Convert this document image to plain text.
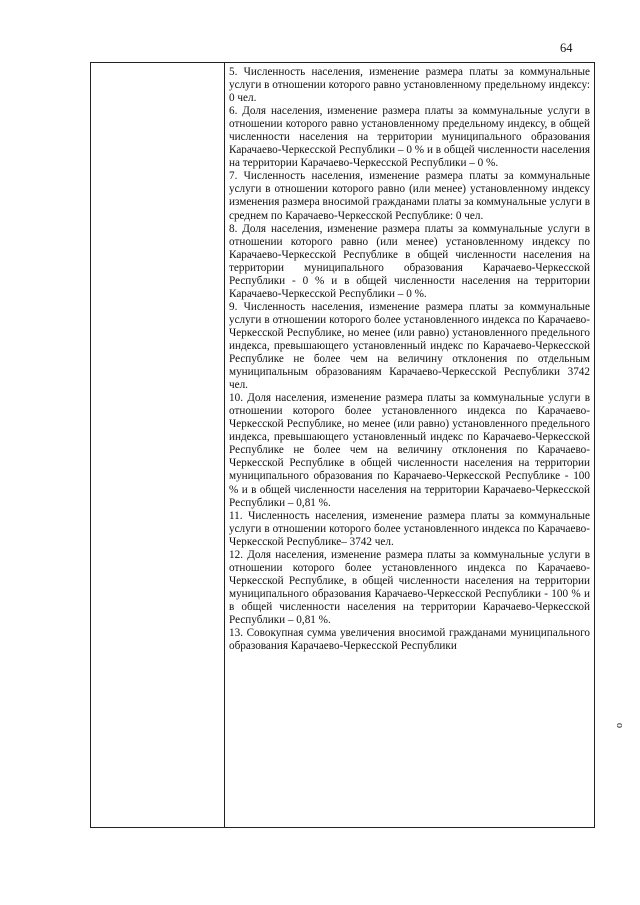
64

5. Численность населения, изменение размера платы за коммунальные услуги в отношении которого равно установленному предельному индексу: 0 чел.

6. Доля населения, изменение размера платы за коммунальные услуги в отношении которого равно установленному предельному индексу, в общей численности населения на территории муниципального образования Карачаево-Черкесской Республики – 0 % и в общей численности населения на территории Карачаево-Черкесской Республики – 0 %.

7. Численность населения, изменение размера платы за коммунальные услуги в отношении которого равно (или менее) установленному индексу изменения размера вносимой гражданами платы за коммунальные услуги в среднем по Карачаево-Черкесской Республике: 0 чел.

8. Доля населения, изменение размера платы за коммунальные услуги в отношении которого равно (или менее) установленному индексу по Карачаево-Черкесской Республике в общей численности населения на территории муниципального образования Карачаево-Черкесской Республики - 0 % и в общей численности населения на территории Карачаево-Черкесской Республики – 0 %.

9. Численность населения, изменение размера платы за коммунальные услуги в отношении которого более установленного индекса по Карачаево-Черкесской Республике, но менее (или равно) установленного предельного индекса, превышающего установленный индекс по Карачаево-Черкесской Республике не более чем на величину отклонения по отдельным муниципальным образованиям Карачаево-Черкесской Республики 3742 чел.

10. Доля населения, изменение размера платы за коммунальные услуги в отношении которого более установленного индекса по Карачаево-Черкесской Республике, но менее (или равно) установленного предельного индекса, превышающего установленный индекс по Карачаево-Черкесской Республике не более чем на величину отклонения по Карачаево-Черкесской Республике в общей численности населения на территории муниципального образования по Карачаево-Черкесской Республике - 100 % и в общей численности населения на территории Карачаево-Черкесской Республики – 0,81 %.

11. Численность населения, изменение размера платы за коммунальные услуги в отношении которого более установленного индекса по Карачаево-Черкесской Республике– 3742 чел.

12. Доля населения, изменение размера платы за коммунальные услуги в отношении которого более установленного индекса по Карачаево-Черкесской Республике, в общей численности населения на территории муниципального образования Карачаево-Черкесской Республики - 100 % и в общей численности населения на территории Карачаево-Черкесской Республики – 0,81 %.

13. Совокупная сумма увеличения вносимой гражданами муниципального образования Карачаево-Черкесской Республики

o
